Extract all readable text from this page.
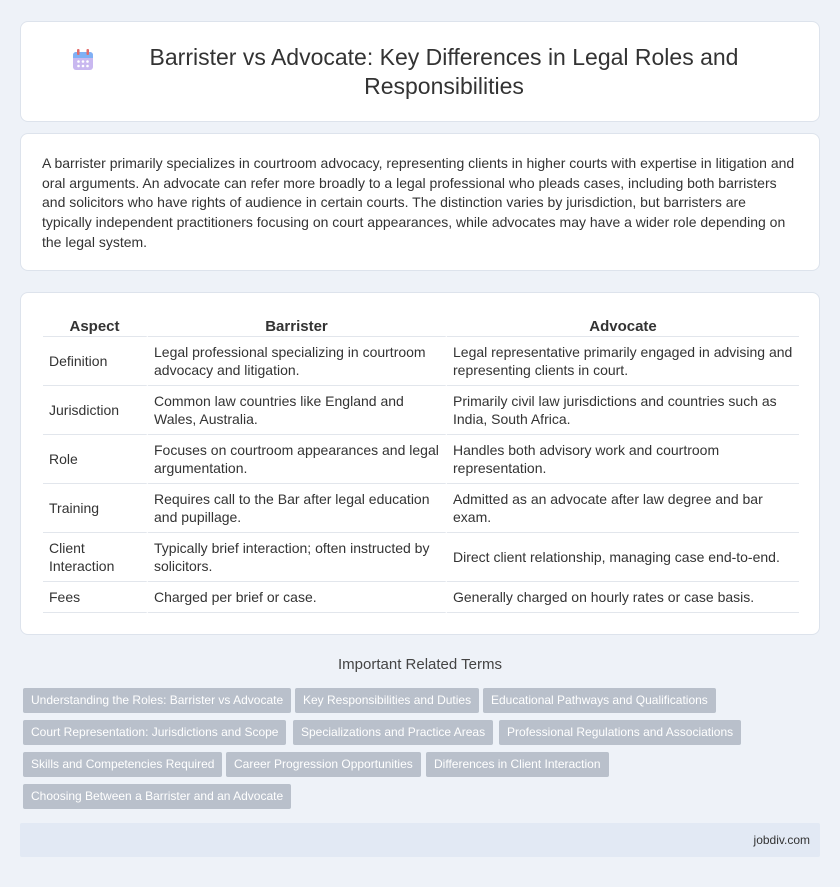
Barrister vs Advocate: Key Differences in Legal Roles and Responsibilities

A barrister primarily specializes in courtroom advocacy, representing clients in higher courts with expertise in litigation and oral arguments. An advocate can refer more broadly to a legal professional who pleads cases, including both barristers and solicitors who have rights of audience in certain courts. The distinction varies by jurisdiction, but barristers are typically independent practitioners focusing on court appearances, while advocates may have a wider role depending on the legal system.

Aspect	Barrister	Advocate
Definition	Legal professional specializing in courtroom advocacy and litigation.	Legal representative primarily engaged in advising and representing clients in court.
Jurisdiction	Common law countries like England and Wales, Australia.	Primarily civil law jurisdictions and countries such as India, South Africa.
Role	Focuses on courtroom appearances and legal argumentation.	Handles both advisory work and courtroom representation.
Training	Requires call to the Bar after legal education and pupillage.	Admitted as an advocate after law degree and bar exam.
Client Interaction	Typically brief interaction; often instructed by solicitors.	Direct client relationship, managing case end-to-end.
Fees	Charged per brief or case.	Generally charged on hourly rates or case basis.
Important Related Terms
Understanding the Roles: Barrister vs Advocate	Key Responsibilities and Duties	Educational Pathways and Qualifications
Court Representation: Jurisdictions and Scope	Specializations and Practice Areas	Professional Regulations and Associations
Skills and Competencies Required	Career Progression Opportunities	Differences in Client Interaction
Choosing Between a Barrister and an Advocate
jobdiv.com
